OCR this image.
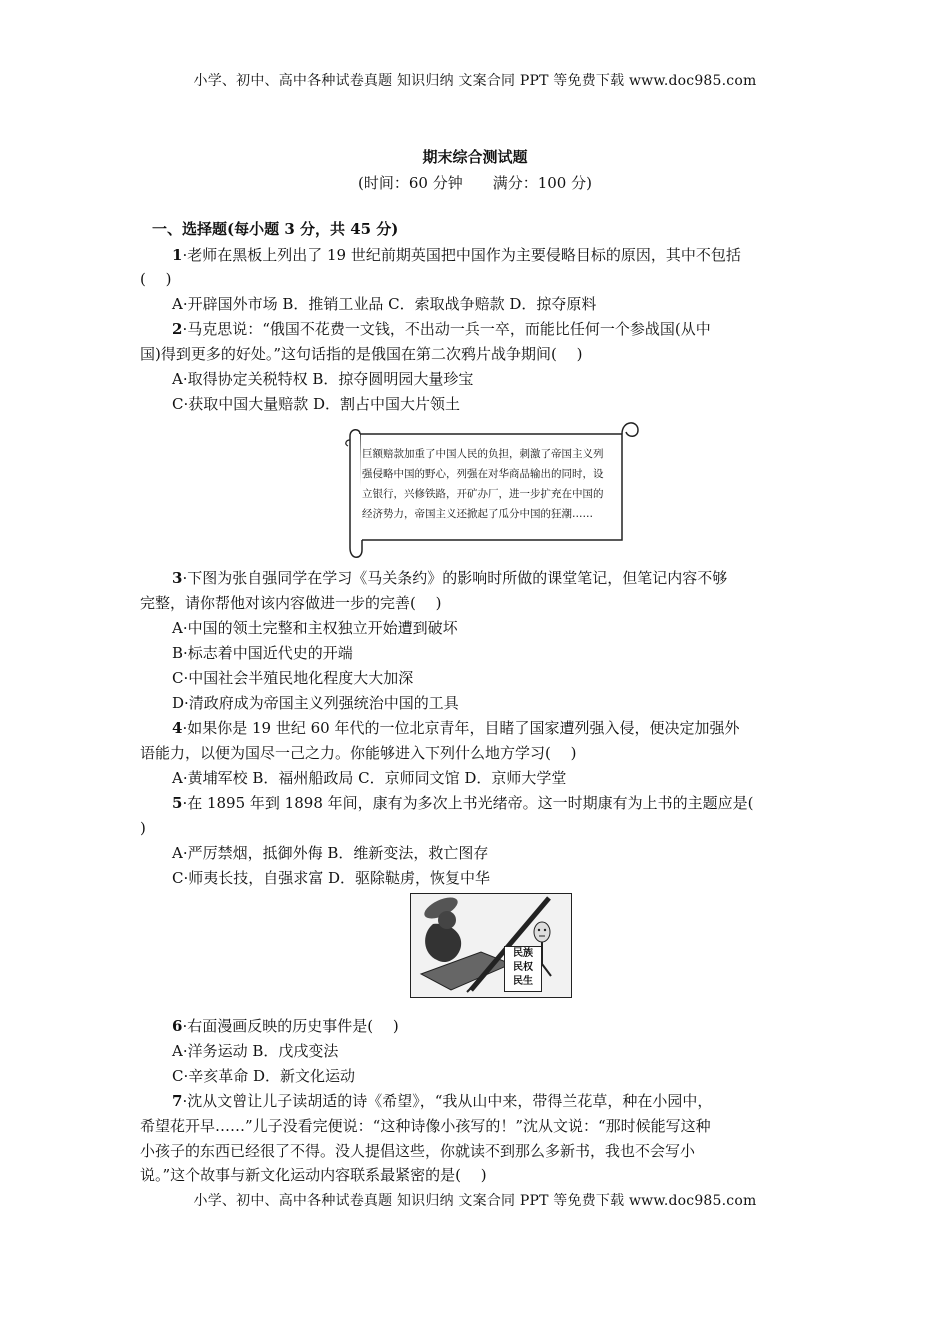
小学、初中、高中各种试卷真题 知识归纳 文案合同 PPT 等免费下载 www.doc985.com
期末综合测试题
(时间：60 分钟　　满分：100 分)
一、选择题(每小题 3 分，共 45 分)
1·老师在黑板上列出了 19 世纪前期英国把中国作为主要侵略目标的原因，其中不包括
(　 )
A·开辟国外市场 B．推销工业品 C．索取战争赔款 D．掠夺原料
2·马克思说：“俄国不花费一文钱，不出动一兵一卒，而能比任何一个参战国(从中
国)得到更多的好处。”这句话指的是俄国在第二次鸦片战争期间(　 )
A·取得协定关税特权 B．掠夺圆明园大量珍宝
C·获取中国大量赔款 D．割占中国大片领土
巨额赔款加重了中国人民的负担，刺激了帝国主义列强侵略中国的野心，列强在对华商品输出的同时，设立银行，兴修铁路，开矿办厂，进一步扩充在中国的经济势力，帝国主义还掀起了瓜分中国的狂潮……
3·下图为张自强同学在学习《马关条约》的影响时所做的课堂笔记，但笔记内容不够
完整，请你帮他对该内容做进一步的完善(　 )
A·中国的领土完整和主权独立开始遭到破坏
B·标志着中国近代史的开端
C·中国社会半殖民地化程度大大加深
D·清政府成为帝国主义列强统治中国的工具
4·如果你是 19 世纪 60 年代的一位北京青年，目睹了国家遭列强入侵，便决定加强外
语能力，以便为国尽一己之力。你能够进入下列什么地方学习(　 )
A·黄埔军校 B．福州船政局 C．京师同文馆 D．京师大学堂
5·在 1895 年到 1898 年间，康有为多次上书光绪帝。这一时期康有为上书的主题应是(
)
A·严厉禁烟，抵御外侮 B．维新变法，救亡图存
C·师夷长技，自强求富 D．驱除鞑虏，恢复中华
民族
民权
民生
6·右面漫画反映的历史事件是(　 )
A·洋务运动 B．戊戌变法
C·辛亥革命 D．新文化运动
7·沈从文曾让儿子读胡适的诗《希望》，“我从山中来，带得兰花草，种在小园中，
希望花开早……”儿子没看完便说：“这种诗像小孩写的！”沈从文说：“那时候能写这种
小孩子的东西已经很了不得。没人提倡这些，你就读不到那么多新书，我也不会写小
说。”这个故事与新文化运动内容联系最紧密的是(　 )
小学、初中、高中各种试卷真题 知识归纳 文案合同 PPT 等免费下载 www.doc985.com
